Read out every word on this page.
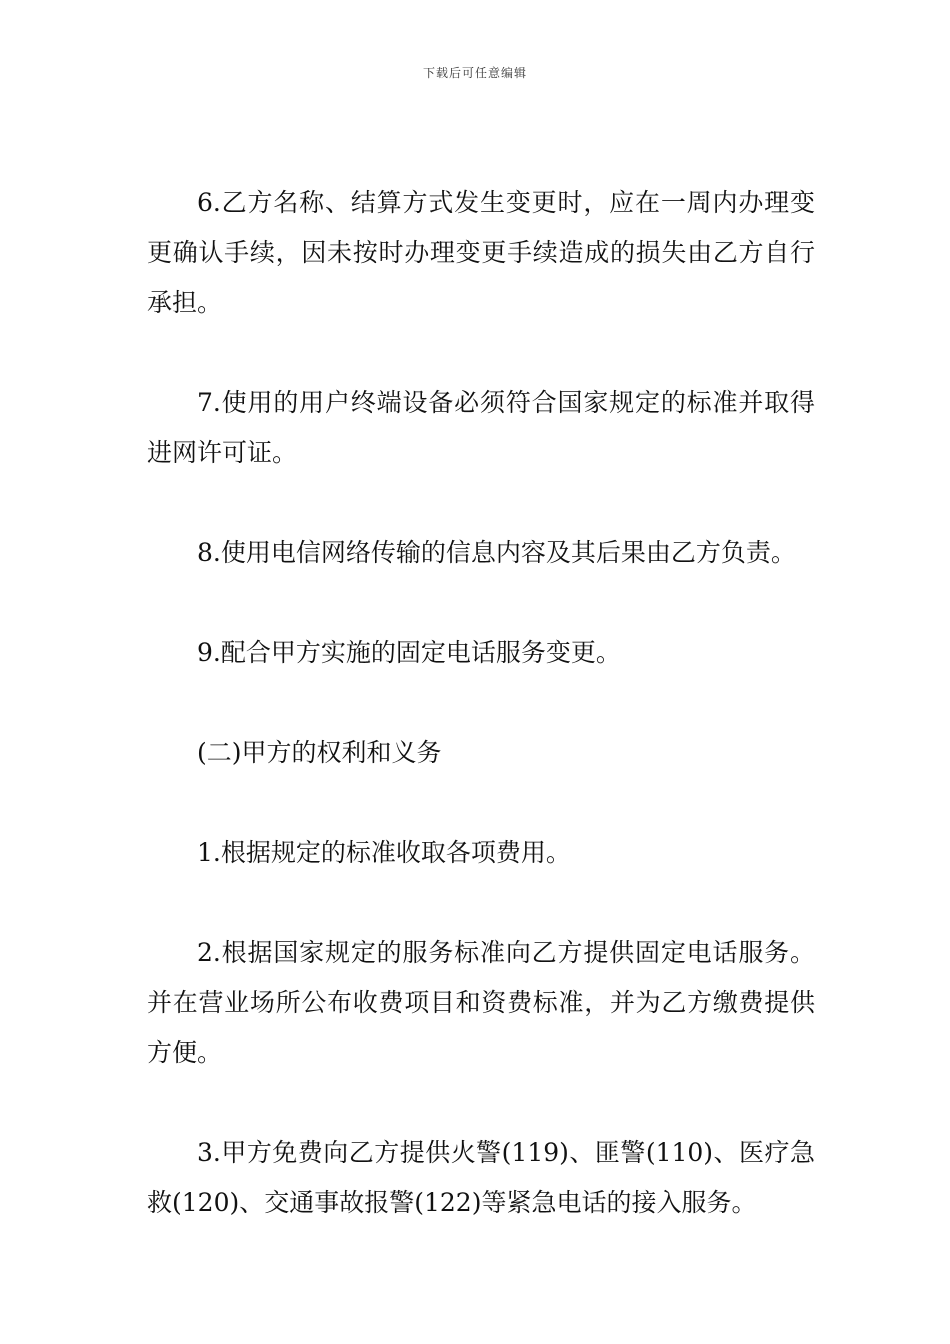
下载后可任意编辑

6.乙方名称、结算方式发生变更时，应在一周内办理变更确认手续，因未按时办理变更手续造成的损失由乙方自行承担。

7.使用的用户终端设备必须符合国家规定的标准并取得进网许可证。

8.使用电信网络传输的信息内容及其后果由乙方负责。

9.配合甲方实施的固定电话服务变更。

(二)甲方的权利和义务

1.根据规定的标准收取各项费用。

2.根据国家规定的服务标准向乙方提供固定电话服务。并在营业场所公布收费项目和资费标准，并为乙方缴费提供方便。

3.甲方免费向乙方提供火警(119)、匪警(110)、医疗急救(120)、交通事故报警(122)等紧急电话的接入服务。
